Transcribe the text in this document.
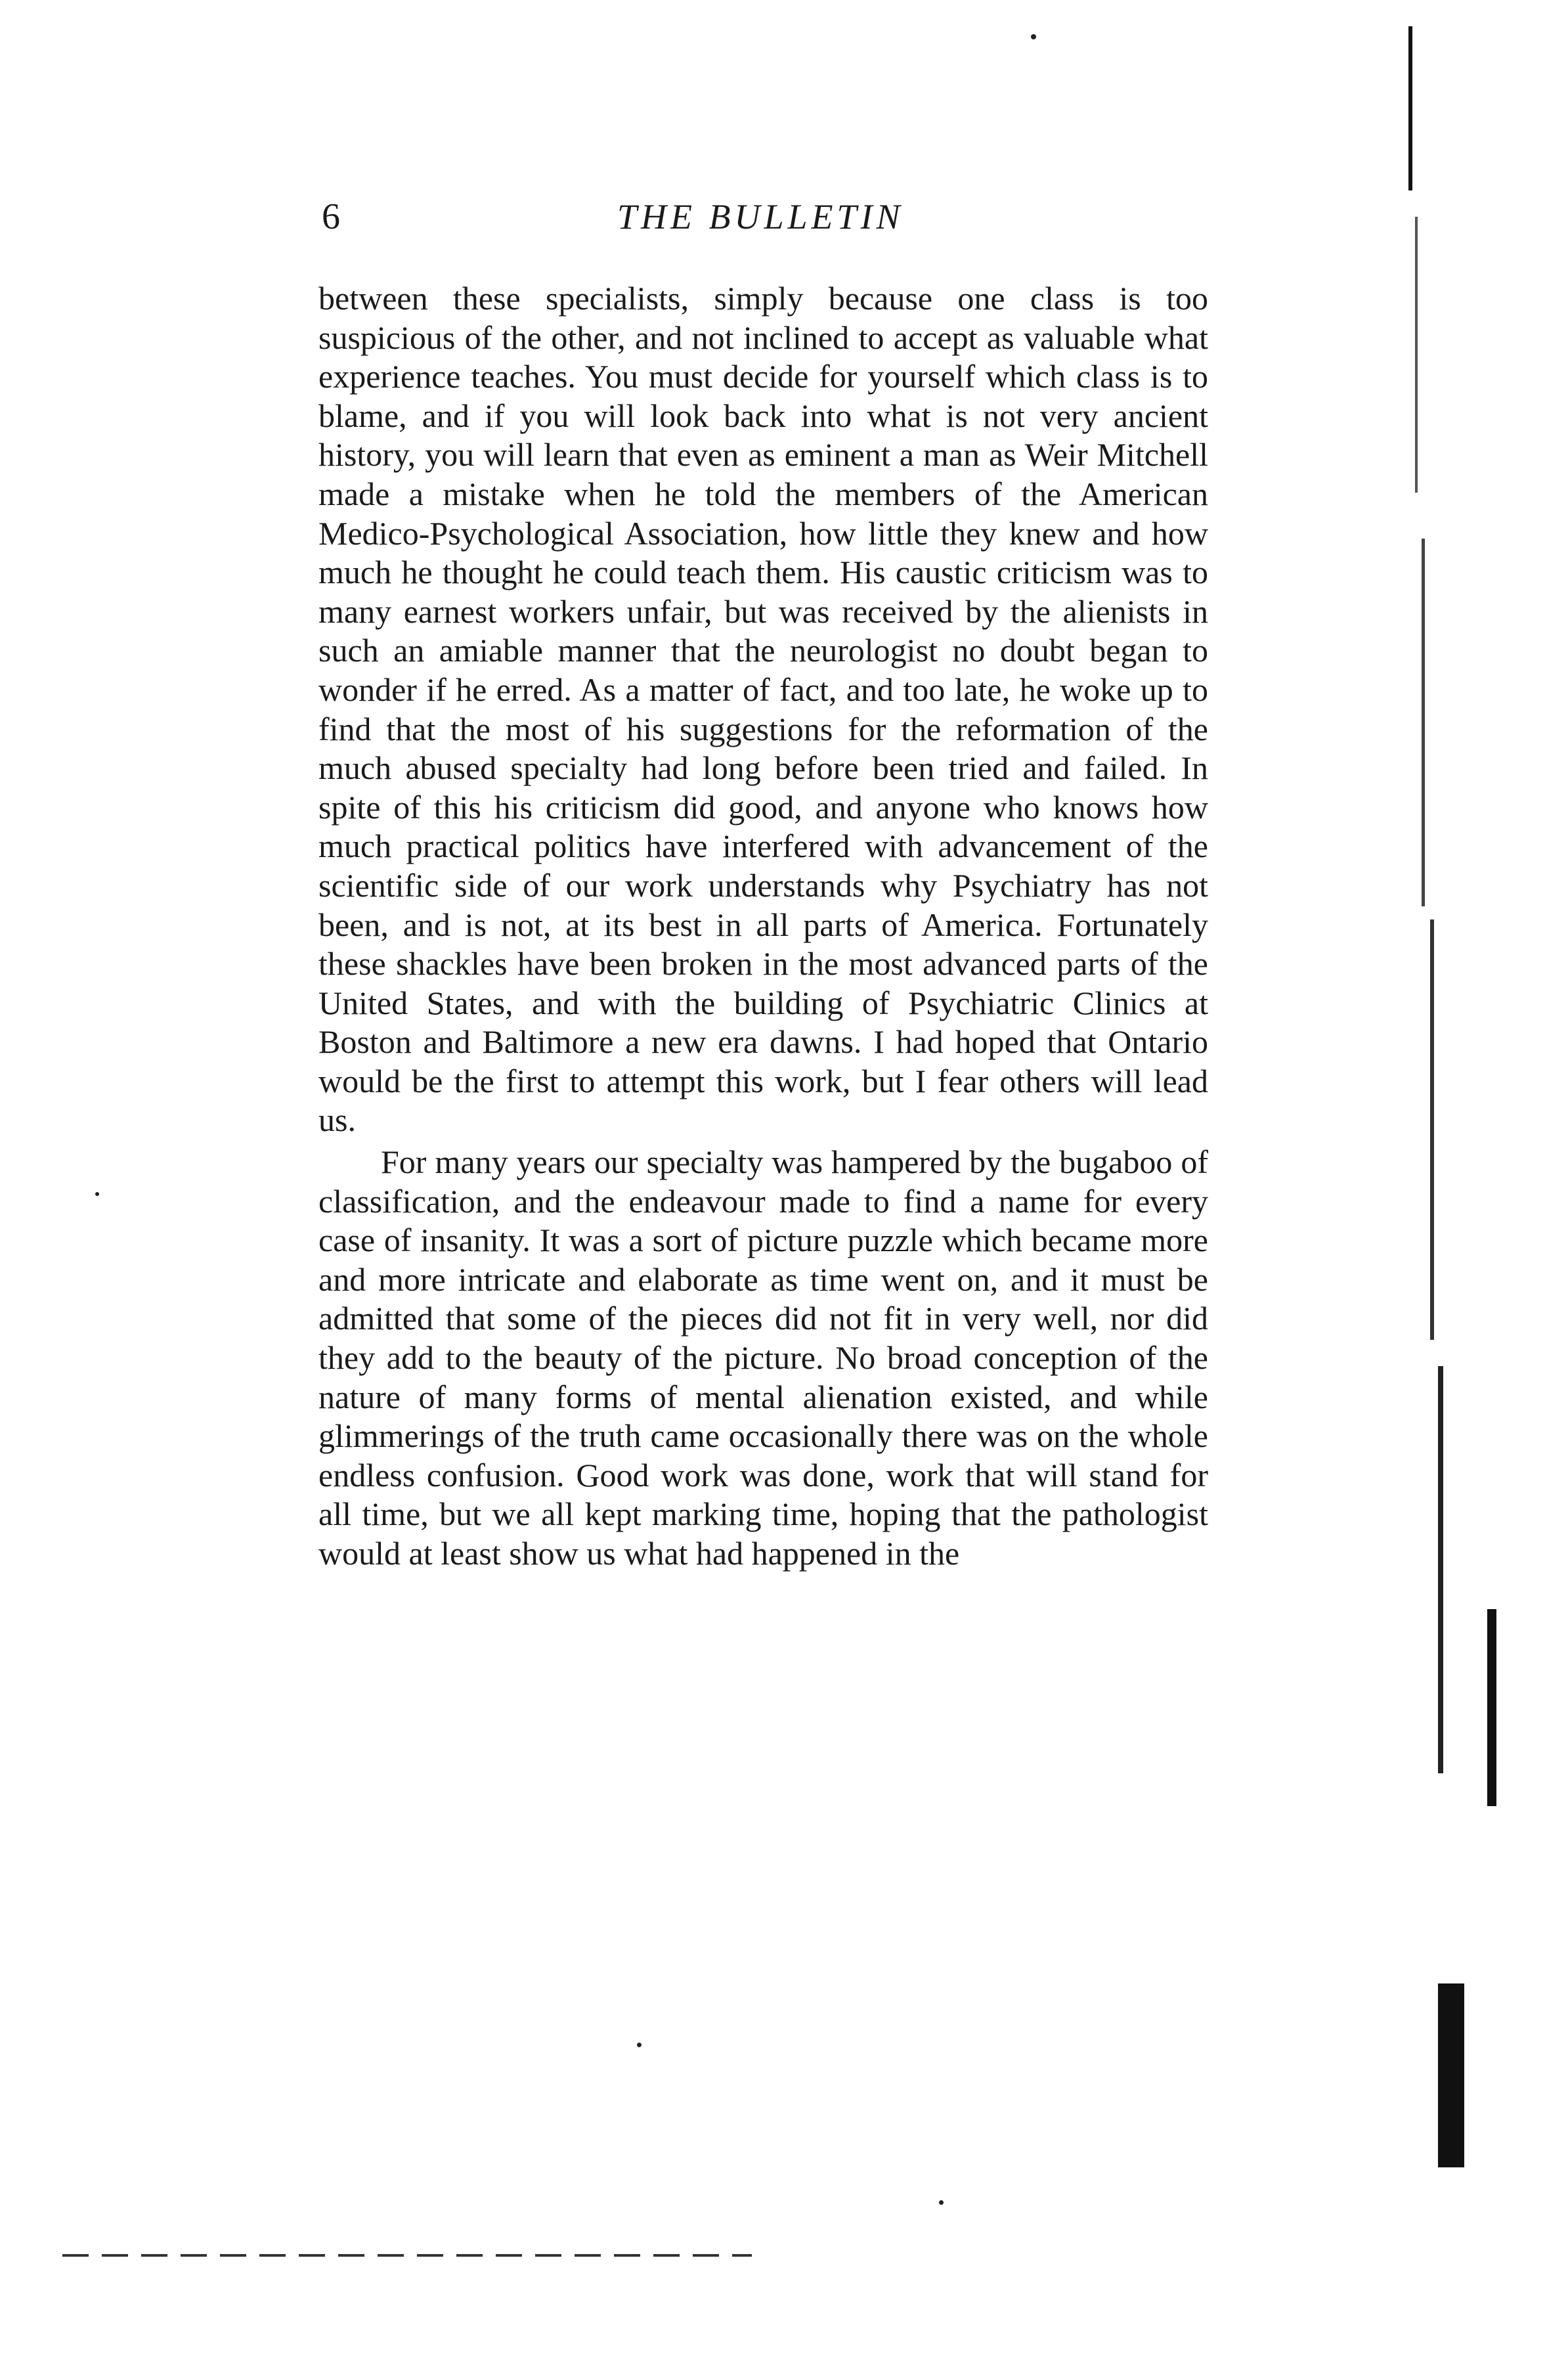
6	THE BULLETIN

between these specialists, simply because one class is too suspicious of the other, and not inclined to accept as valuable what experience teaches. You must decide for yourself which class is to blame, and if you will look back into what is not very ancient history, you will learn that even as eminent a man as Weir Mitchell made a mistake when he told the members of the American Medico-Psychological Association, how little they knew and how much he thought he could teach them. His caustic criticism was to many earnest workers unfair, but was received by the alienists in such an amiable manner that the neurologist no doubt began to wonder if he erred. As a matter of fact, and too late, he woke up to find that the most of his suggestions for the reformation of the much abused specialty had long before been tried and failed. In spite of this his criticism did good, and anyone who knows how much practical politics have interfered with advancement of the scientific side of our work understands why Psychiatry has not been, and is not, at its best in all parts of America. Fortunately these shackles have been broken in the most advanced parts of the United States, and with the building of Psychiatric Clinics at Boston and Baltimore a new era dawns. I had hoped that Ontario would be the first to attempt this work, but I fear others will lead us.

For many years our specialty was hampered by the bugaboo of classification, and the endeavour made to find a name for every case of insanity. It was a sort of picture puzzle which became more and more intricate and elaborate as time went on, and it must be admitted that some of the pieces did not fit in very well, nor did they add to the beauty of the picture. No broad conception of the nature of many forms of mental alienation existed, and while glimmerings of the truth came occasionally there was on the whole endless confusion. Good work was done, work that will stand for all time, but we all kept marking time, hoping that the pathologist would at least show us what had happened in the
